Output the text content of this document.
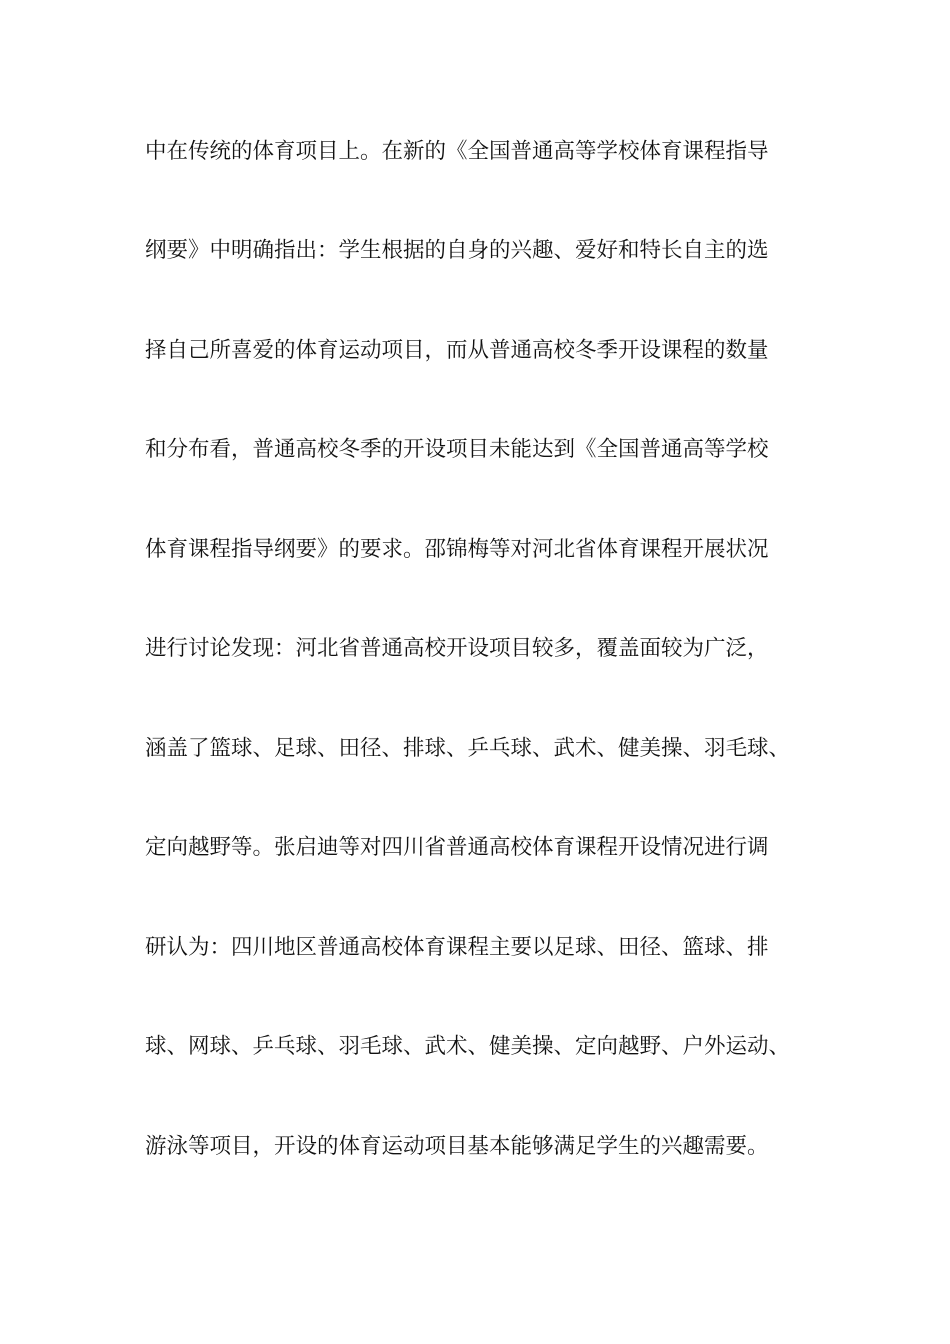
中在传统的体育项目上。在新的《全国普通高等学校体育课程指导
纲要》中明确指出：学生根据的自身的兴趣、爱好和特长自主的选
择自己所喜爱的体育运动项目，而从普通高校冬季开设课程的数量
和分布看，普通高校冬季的开设项目未能达到《全国普通高等学校
体育课程指导纲要》的要求。邵锦梅等对河北省体育课程开展状况
进行讨论发现：河北省普通高校开设项目较多，覆盖面较为广泛，
涵盖了篮球、足球、田径、排球、乒乓球、武术、健美操、羽毛球、
定向越野等。张启迪等对四川省普通高校体育课程开设情况进行调
研认为：四川地区普通高校体育课程主要以足球、田径、篮球、排
球、网球、乒乓球、羽毛球、武术、健美操、定向越野、户外运动、
游泳等项目，开设的体育运动项目基本能够满足学生的兴趣需要。
